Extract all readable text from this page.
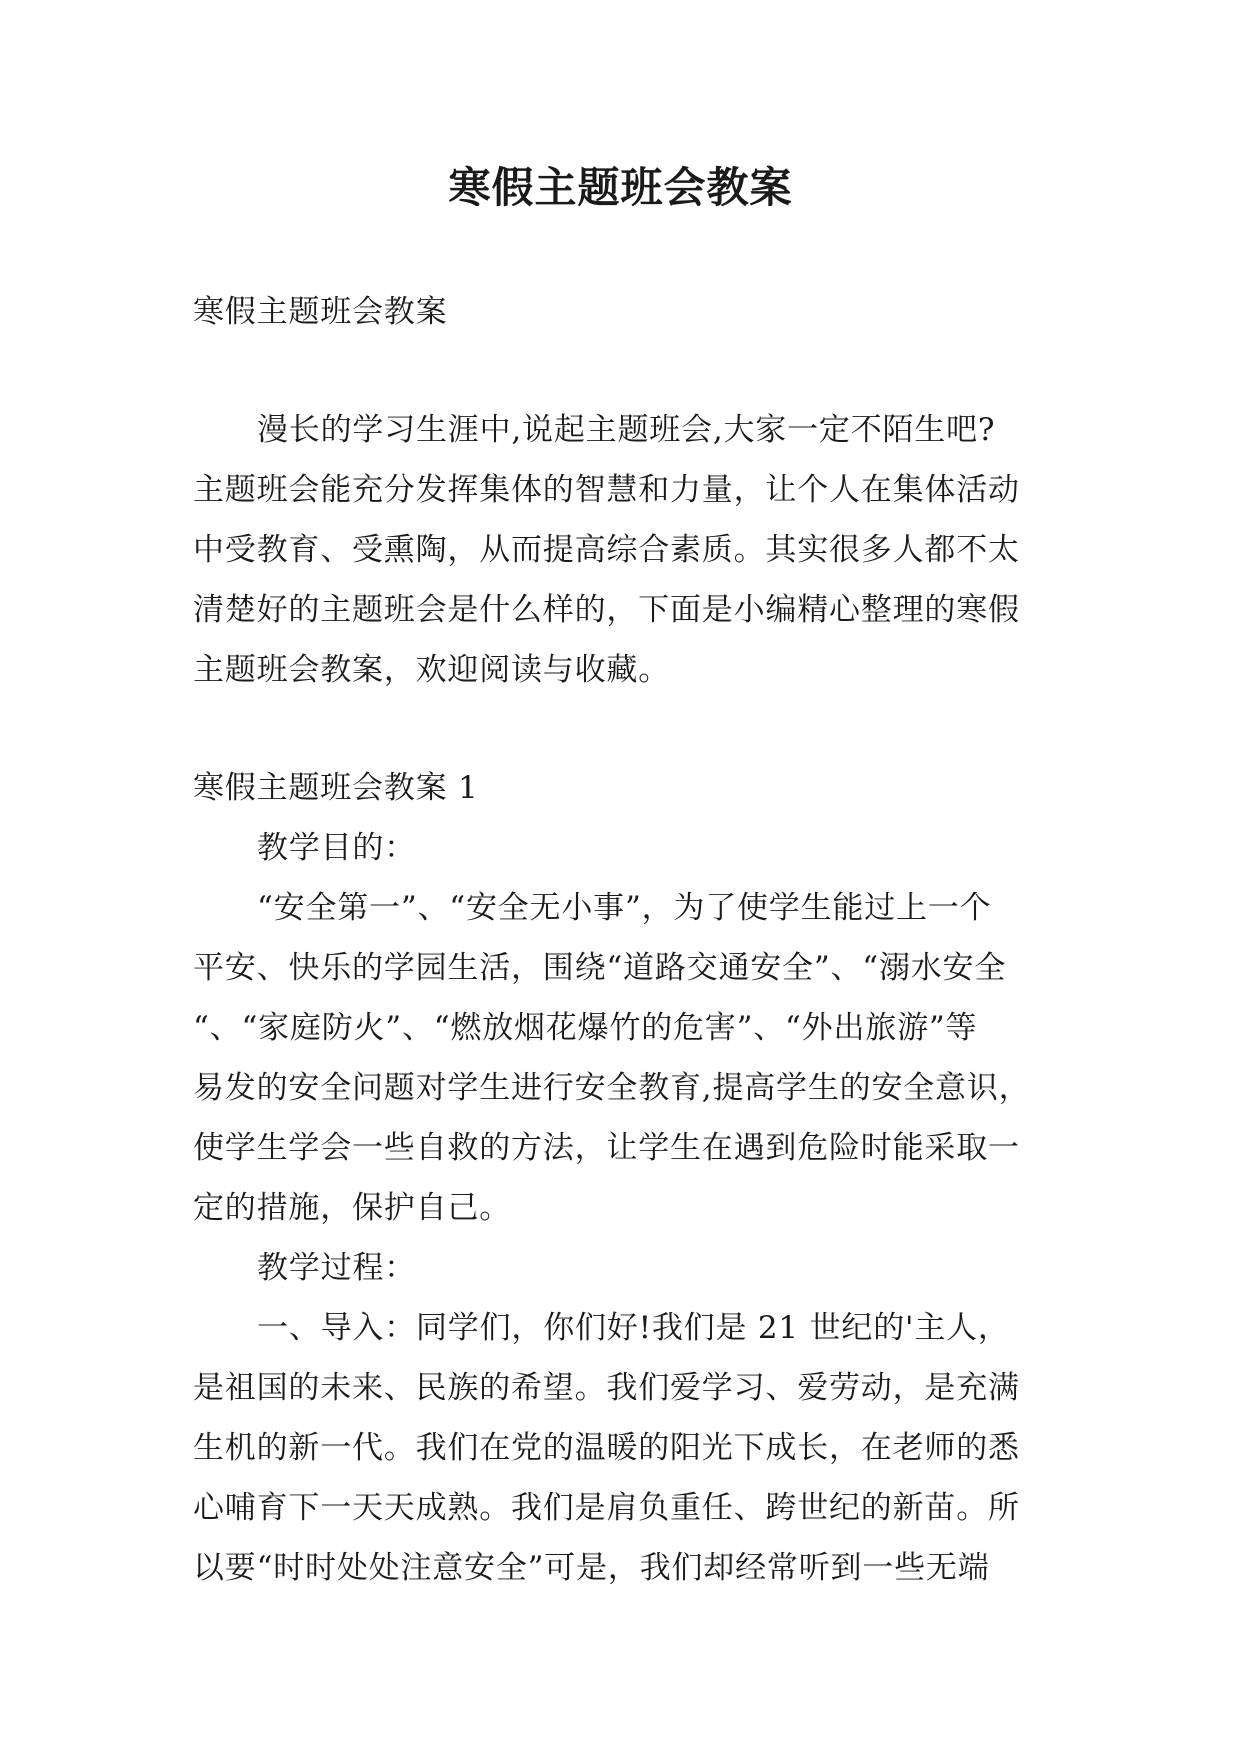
寒假主题班会教案

寒假主题班会教案

漫长的学习生涯中,说起主题班会,大家一定不陌生吧?

主题班会能充分发挥集体的智慧和力量，让个人在集体活动

中受教育、受熏陶，从而提高综合素质。其实很多人都不太

清楚好的主题班会是什么样的，下面是小编精心整理的寒假

主题班会教案，欢迎阅读与收藏。

寒假主题班会教案 1

教学目的：

“安全第一”、“安全无小事”，为了使学生能过上一个

平安、快乐的学园生活，围绕“道路交通安全”、“溺水安全

“、“家庭防火”、“燃放烟花爆竹的危害”、“外出旅游”等

易发的安全问题对学生进行安全教育,提高学生的安全意识，

使学生学会一些自救的方法，让学生在遇到危险时能采取一

定的措施，保护自己。

教学过程：

一、导入：同学们，你们好!我们是 21 世纪的'主人，

是祖国的未来、民族的希望。我们爱学习、爱劳动，是充满

生机的新一代。我们在党的温暖的阳光下成长，在老师的悉

心哺育下一天天成熟。我们是肩负重任、跨世纪的新苗。所

以要“时时处处注意安全”可是，我们却经常听到一些无端
